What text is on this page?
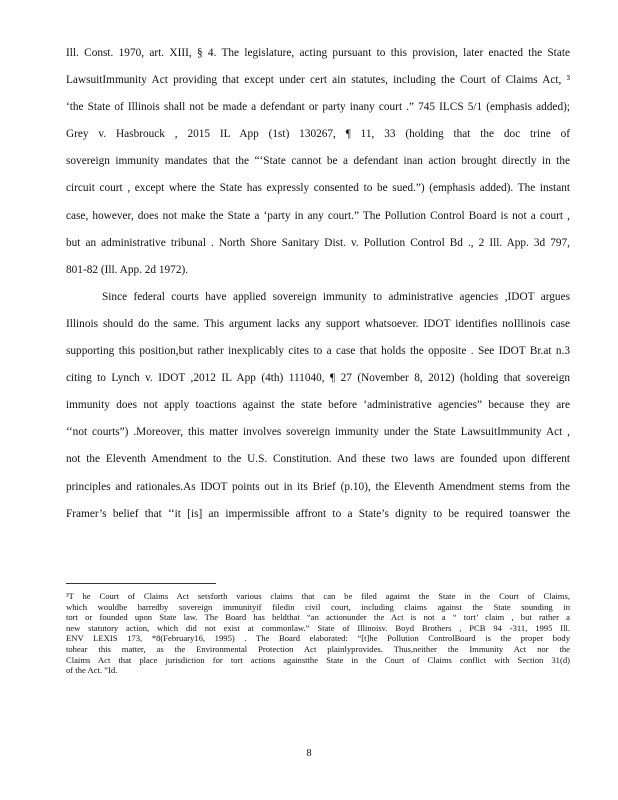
Ill. Const. 1970, art. XIII, § 4. The legislature, acting pursuant to this provision, later enacted the State
LawsuitImmunity Act providing that except under cert ain statutes, including the Court of Claims Act, ³
‘the State of Illinois shall not be made a defendant or party inany court .” 745 ILCS 5/1 (emphasis added);
Grey v. Hasbrouck , 2015 IL App (1st) 130267, ¶ 11, 33 (holding that the doc trine of
sovereign immunity mandates that the “‘State cannot be a defendant inan action brought directly in the
circuit court , except where the State has expressly consented to be sued.”) (emphasis added). The instant
case, however, does not make the State a ‘party in any court.” The Pollution Control Board is not a court ,
but an administrative tribunal . North Shore Sanitary Dist. v. Pollution Control Bd ., 2 Ill. App. 3d 797,
801-82 (Ill. App. 2d 1972).
Since federal courts have applied sovereign immunity to administrative agencies ,IDOT argues
Illinois should do the same. This argument lacks any support whatsoever. IDOT identifies noIllinois case
supporting this position,but rather inexplicably cites to a case that holds the opposite . See IDOT Br.at n.3
citing to Lynch v. IDOT ,2012 IL App (4th) 111040, ¶ 27 (November 8, 2012) (holding that sovereign
immunity does not apply toactions against the state before ‘administrative agencies” because they are
‘‘not courts”) .Moreover, this matter involves sovereign immunity under the State LawsuitImmunity Act ,
not the Eleventh Amendment to the U.S. Constitution. And these two laws are founded upon different
principles and rationales.As IDOT points out in its Brief (p.10), the Eleventh Amendment stems from the
Framer’s belief that ‘‘it [is] an impermissible affront to a State’s dignity to be required toanswer the
³T he Court of Claims Act setsforth various claims that can be filed against the State in the Court of Claims,
which wouldbe barredby sovereign immunityif filedin civil court, including claims against the State sounding in
tort or founded upon State law. The Board has heldthat “an actionunder the Act is not a “ tort’ claim , but rather a
new statutory action, which did not exist at commonlaw.” State of Illinoisv. Boyd Brothers , PCB 94 -311, 1995 Ill.
ENV LEXIS 173, *8(February16, 1995) . The Board elaborated: “[t]he Pollution ControlBoard is the proper body
tohear this matter, as the Environmental Protection Act plainlyprovides. Thus,neither the Immunity Act nor the
Claims Act that place jurisdiction for tort actions againstthe State in the Court of Claims conflict with Section 31(d)
of the Act. ”Id.
8
